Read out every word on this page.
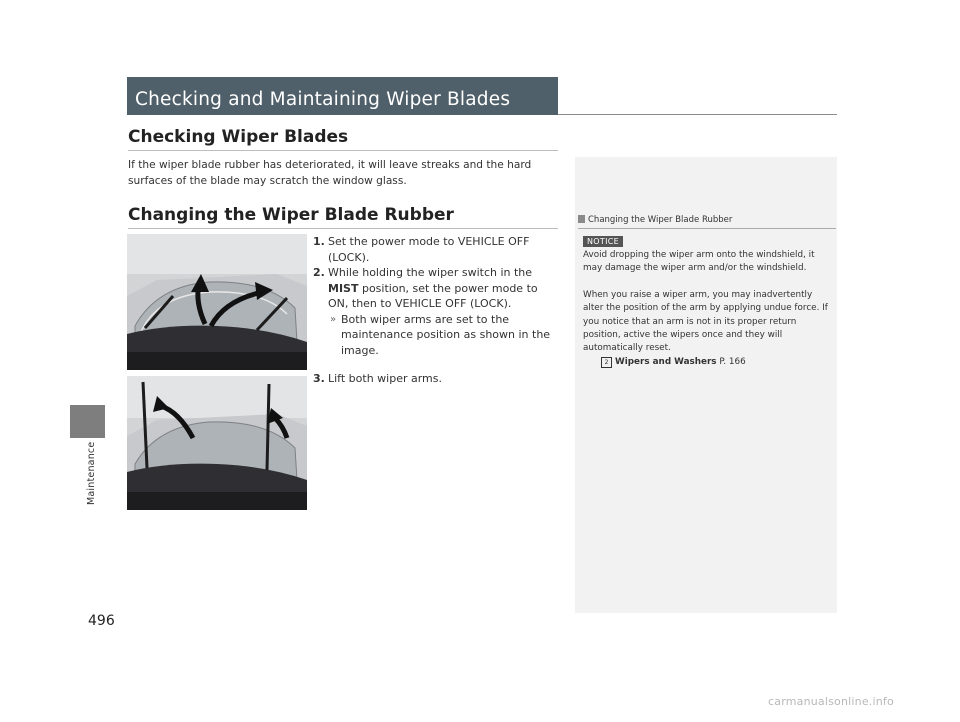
Maintenance
496
Checking and Maintaining Wiper Blades
Checking Wiper Blades
If the wiper blade rubber has deteriorated, it will leave streaks and the hard surfaces of the blade may scratch the window glass.
Changing the Wiper Blade Rubber

1. Set the power mode to VEHICLE OFF (LOCK).

2. While holding the wiper switch in the MIST position, set the power mode to ON, then to VEHICLE OFF (LOCK).

» Both wiper arms are set to the maintenance position as shown in the image.

3. Lift both wiper arms.

Changing the Wiper Blade Rubber
NOTICE

Avoid dropping the wiper arm onto the windshield, it may damage the wiper arm and/or the windshield.

When you raise a wiper arm, you may inadvertently alter the position of the arm by applying undue force. If you notice that an arm is not in its proper return position, active the wipers once and they will automatically reset.

2 Wipers and Washers P. 166

carmanualsonline.info
